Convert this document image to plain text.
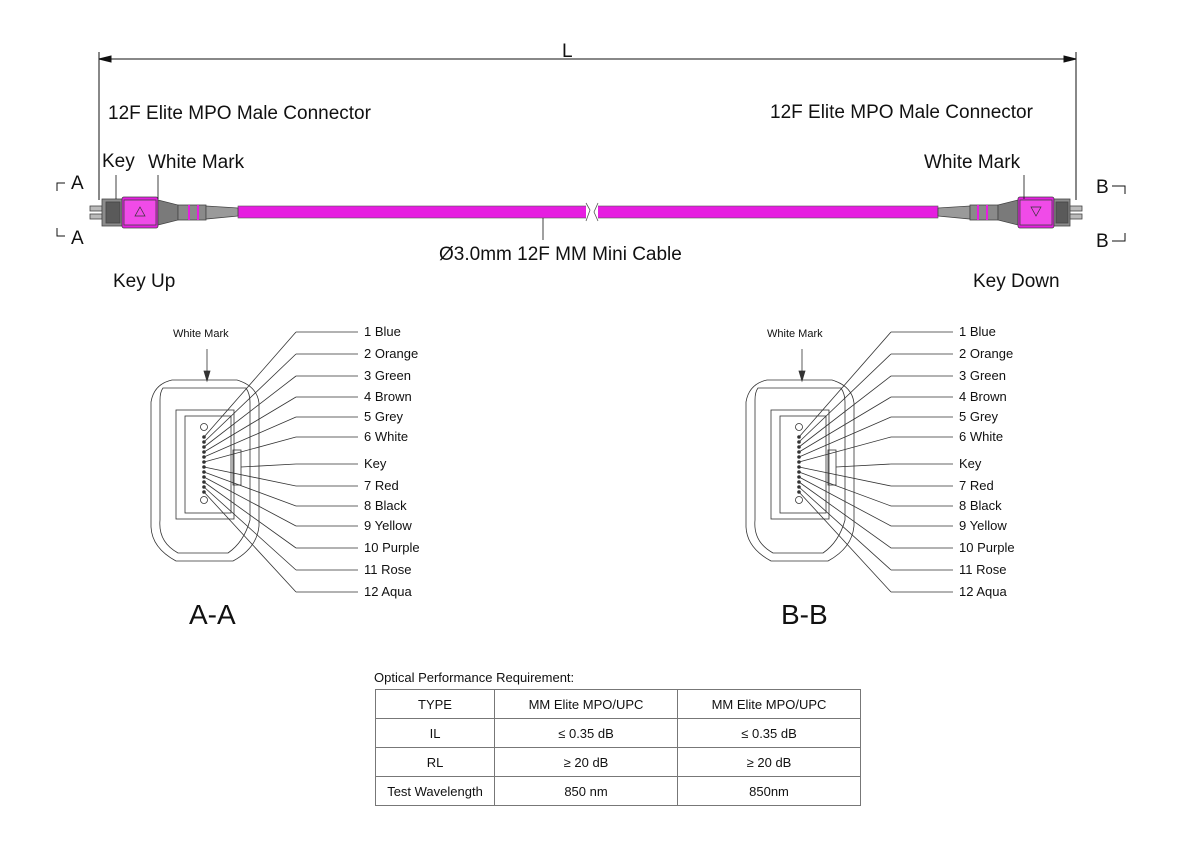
L
12F Elite MPO Male Connector
Key White Mark
A
A
Key Up
12F Elite MPO Male Connector
White Mark
B
B
Key Down
Ø3.0mm 12F MM Mini Cable
White Mark	1 Blue
2 Orange
3 Green
4 Brown
5 Grey
6 White
Key
7 Red
8 Black
9 Yellow
10 Purple
11 Rose
12 Aqua
A-A
White Mark	1 Blue
2 Orange
3 Green
4 Brown
5 Grey
6 White
Key
7 Red
8 Black
9 Yellow
10 Purple
11 Rose
12 Aqua
B-B
Optical Performance Requirement:
TYPE	MM Elite MPO/UPC	MM Elite MPO/UPC
IL	≤ 0.35 dB	≤ 0.35 dB
RL	≥ 20 dB	≥ 20 dB
Test Wavelength	850 nm	850nm
